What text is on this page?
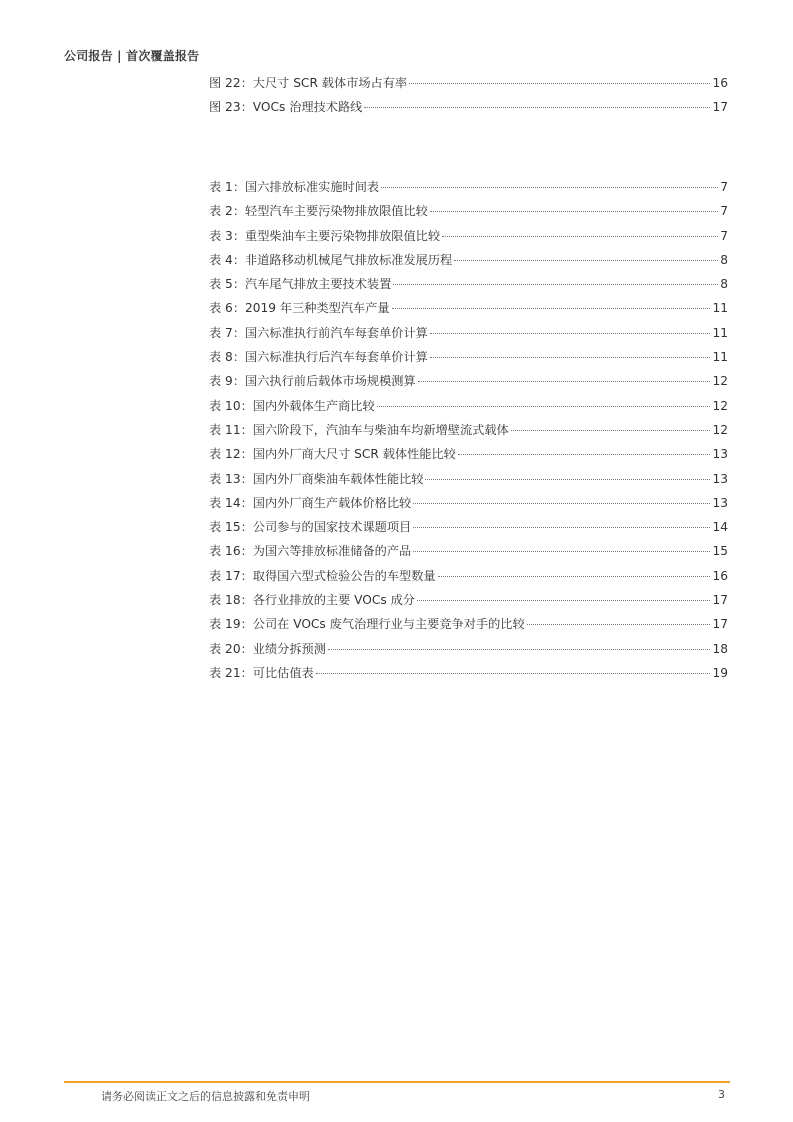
公司报告 | 首次覆盖报告
图 22：大尺寸 SCR 载体市场占有率	16
图 23：VOCs 治理技术路线	17
表 1：国六排放标准实施时间表	7
表 2：轻型汽车主要污染物排放限值比较	7
表 3：重型柴油车主要污染物排放限值比较	7
表 4：非道路移动机械尾气排放标准发展历程	8
表 5：汽车尾气排放主要技术装置	8
表 6：2019 年三种类型汽车产量	11
表 7：国六标准执行前汽车每套单价计算	11
表 8：国六标准执行后汽车每套单价计算	11
表 9：国六执行前后载体市场规模测算	12
表 10：国内外载体生产商比较	12
表 11：国六阶段下，汽油车与柴油车均新增壁流式载体	12
表 12：国内外厂商大尺寸 SCR 载体性能比较	13
表 13：国内外厂商柴油车载体性能比较	13
表 14：国内外厂商生产载体价格比较	13
表 15：公司参与的国家技术课题项目	14
表 16：为国六等排放标准储备的产品	15
表 17：取得国六型式检验公告的车型数量	16
表 18：各行业排放的主要 VOCs 成分	17
表 19：公司在 VOCs 废气治理行业与主要竞争对手的比较	17
表 20：业绩分拆预测	18
表 21：可比估值表	19
请务必阅读正文之后的信息披露和免责申明	3
